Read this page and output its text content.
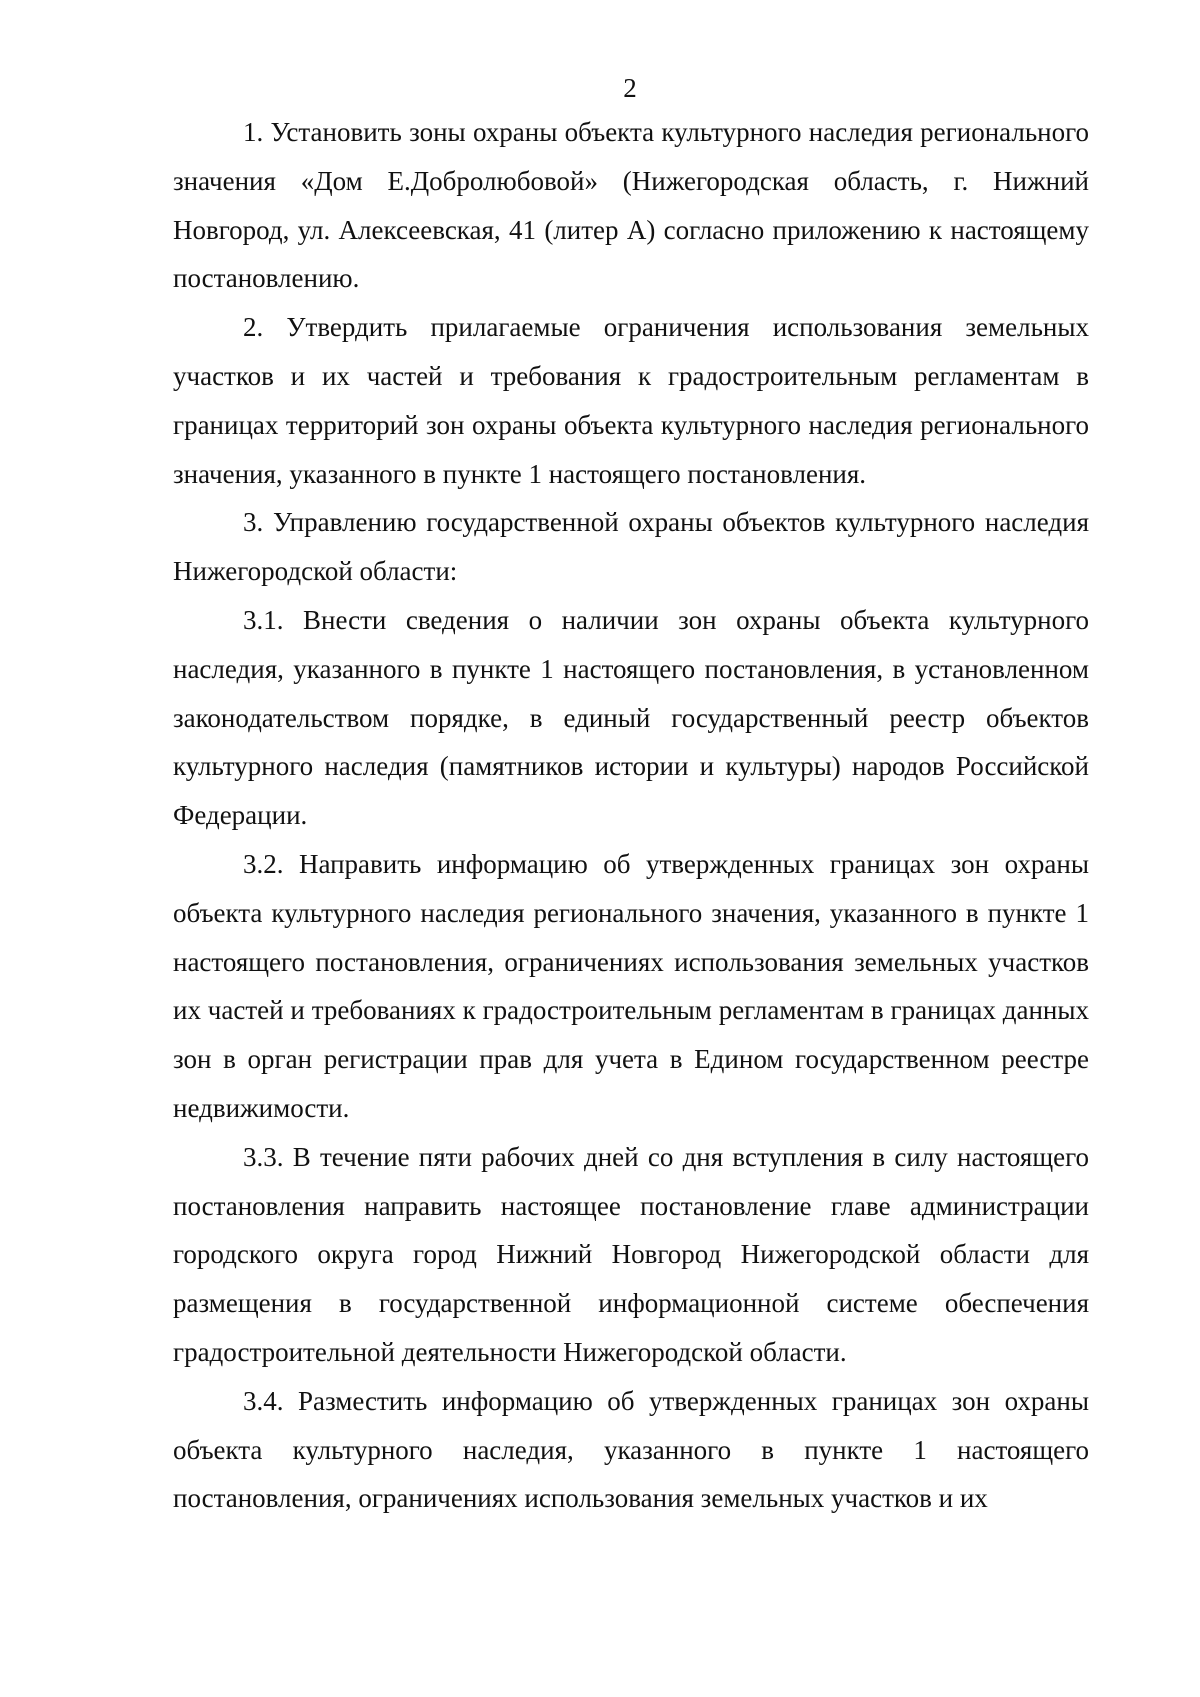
2

1. Установить зоны охраны объекта культурного наследия регионального значения «Дом Е.Добролюбовой» (Нижегородская область, г. Нижний Новгород, ул. Алексеевская, 41 (литер А) согласно приложению к настоящему постановлению.

2. Утвердить прилагаемые ограничения использования земельных участков и их частей и требования к градостроительным регламентам в границах территорий зон охраны объекта культурного наследия регионального значения, указанного в пункте 1 настоящего постановления.

3. Управлению государственной охраны объектов культурного наследия Нижегородской области:

3.1. Внести сведения о наличии зон охраны объекта культурного наследия, указанного в пункте 1 настоящего постановления, в установленном законодательством порядке, в единый государственный реестр объектов культурного наследия (памятников истории и культуры) народов Российской Федерации.

3.2. Направить информацию об утвержденных границах зон охраны объекта культурного наследия регионального значения, указанного в пункте 1 настоящего постановления, ограничениях использования земельных участков их частей и требованиях к градостроительным регламентам в границах данных зон в орган регистрации прав для учета в Едином государственном реестре недвижимости.

3.3. В течение пяти рабочих дней со дня вступления в силу настоящего постановления направить настоящее постановление главе администрации городского округа город Нижний Новгород Нижегородской области для размещения в государственной информационной системе обеспечения градостроительной деятельности Нижегородской области.

3.4. Разместить информацию об утвержденных границах зон охраны объекта культурного наследия, указанного в пункте 1 настоящего постановления, ограничениях использования земельных участков и их
